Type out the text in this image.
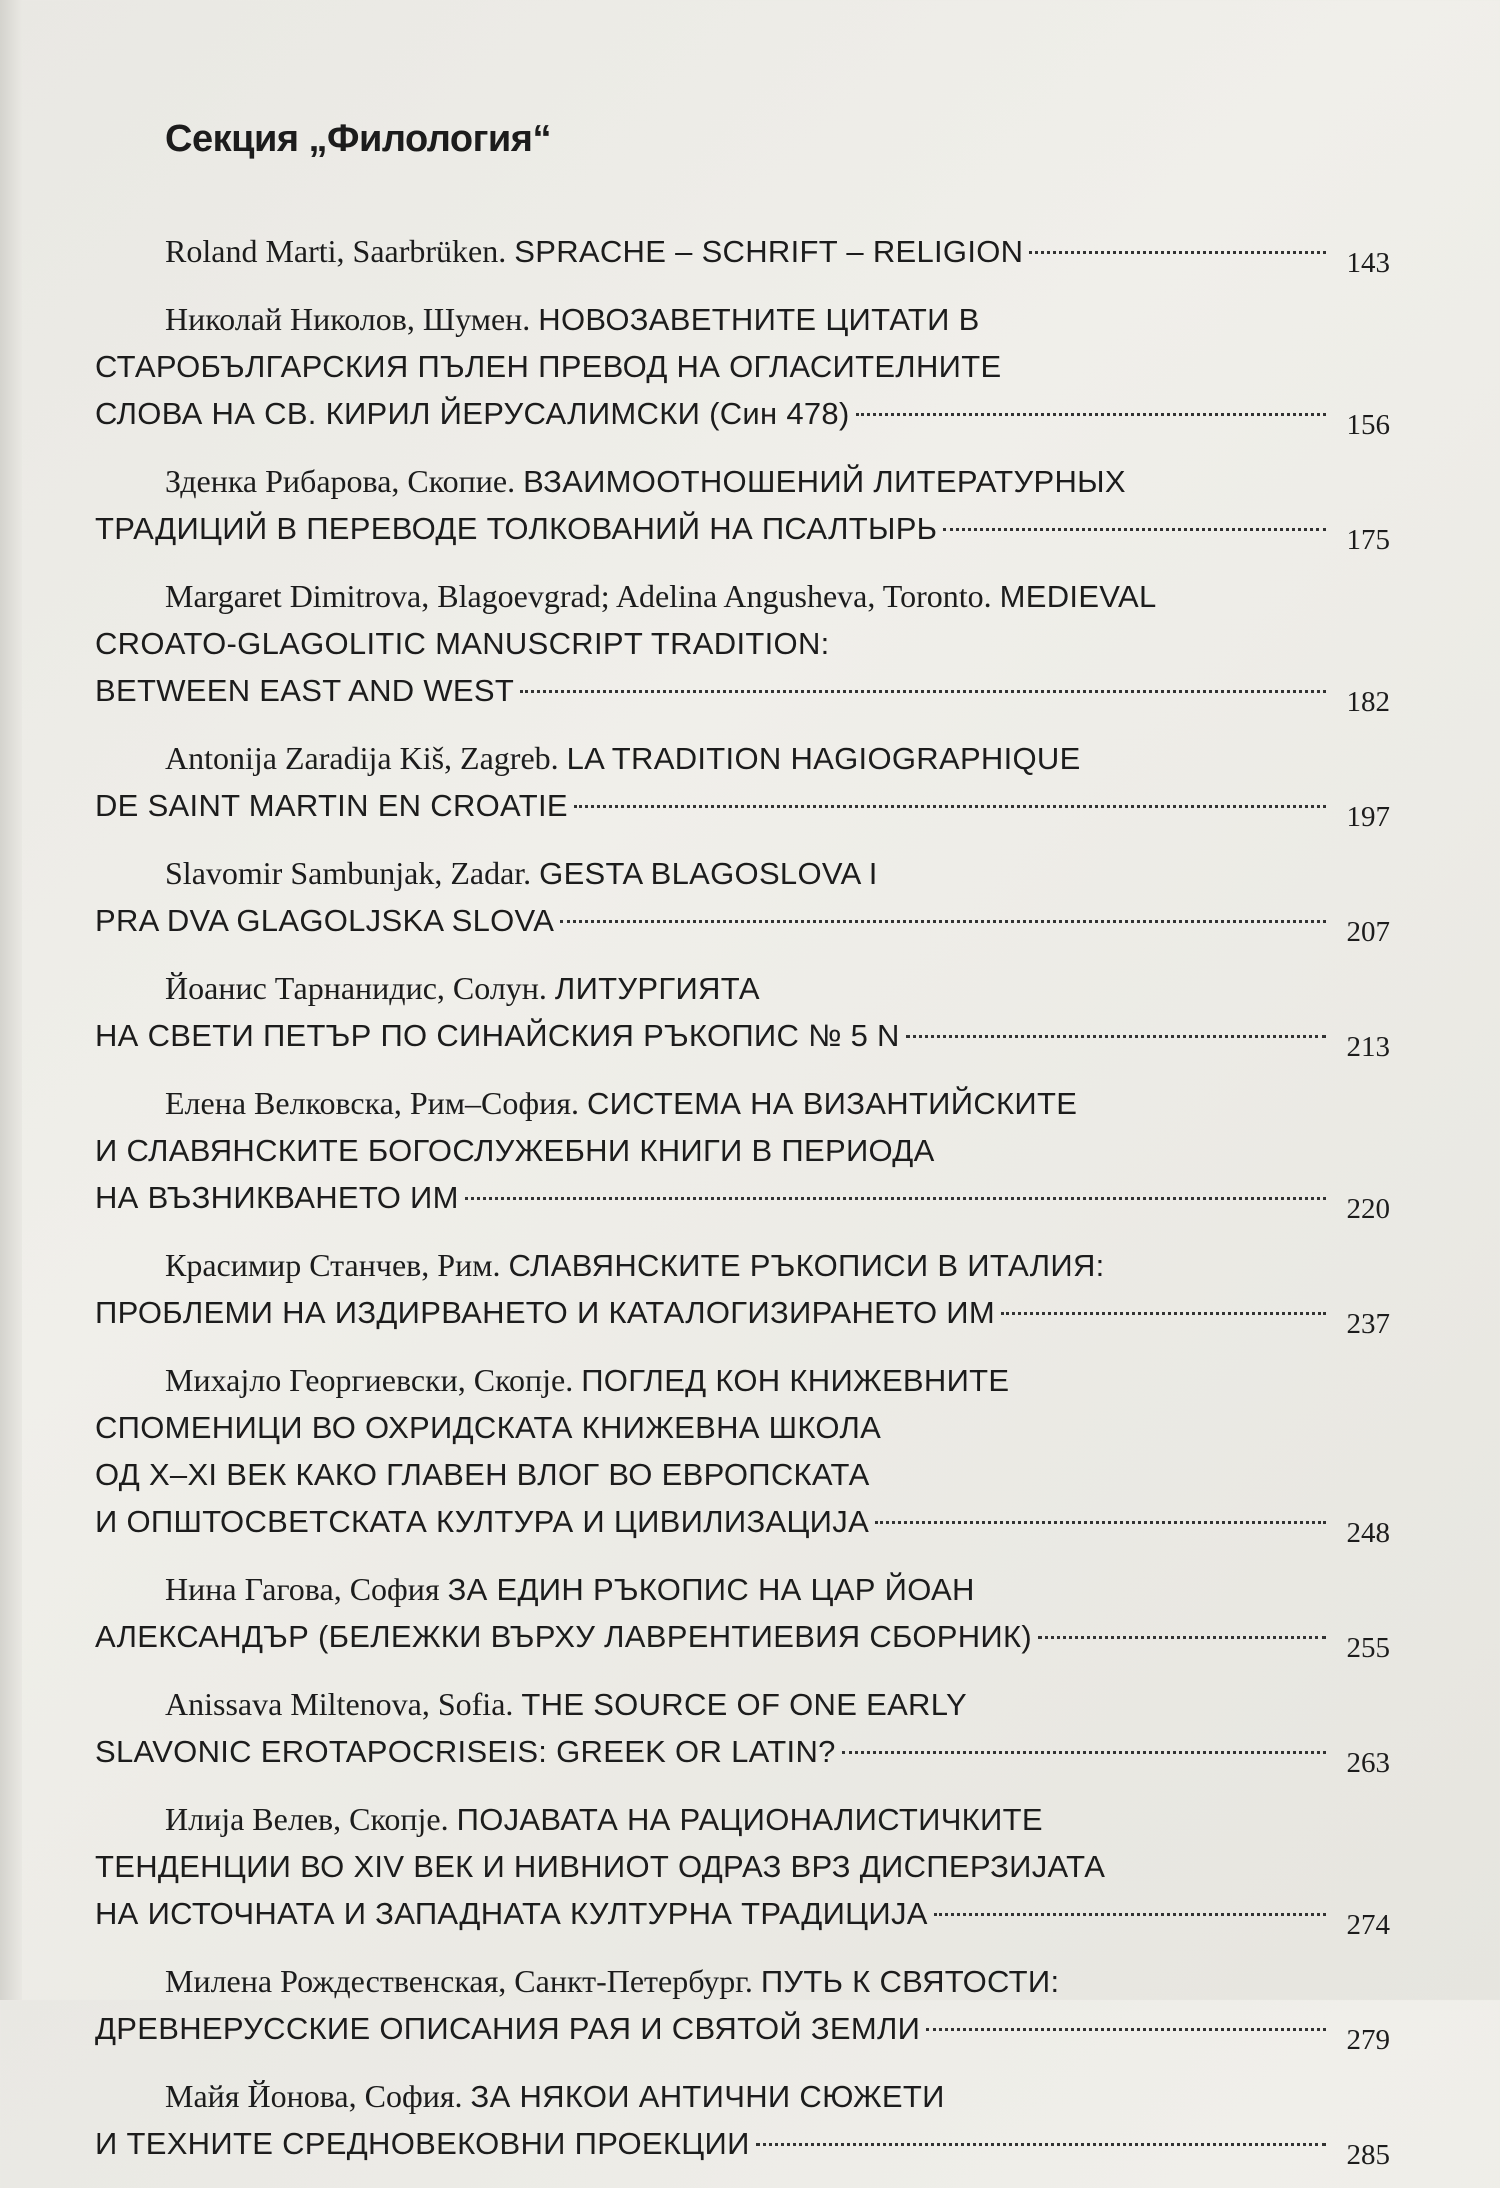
Секция „Филология“
Roland Marti, Saarbrüken. SPRACHE – SCHRIFT – RELIGION	143
Николай Николов, Шумен. НОВОЗАВЕТНИТЕ ЦИТАТИ В
СТАРОБЪЛГАРСКИЯ ПЪЛЕН ПРЕВОД НА ОГЛАСИТЕЛНИТЕ
СЛОВА НА СВ. КИРИЛ ЙЕРУСАЛИМСКИ (Син 478)	156
Зденка Рибарова, Скопие. ВЗАИМООТНОШЕНИЙ ЛИТЕРАТУРНЫХ
ТРАДИЦИЙ В ПЕРЕВОДЕ ТОЛКОВАНИЙ НА ПСАЛТЫРЬ	175
Margaret Dimitrova, Blagoevgrad; Adelina Angusheva, Toronto. MEDIEVAL
CROATO-GLAGOLITIC MANUSCRIPT TRADITION:
BETWEEN EAST AND WEST	182
Antonija Zaradija Kiš, Zagreb. LA TRADITION HAGIOGRAPHIQUE
DE SAINT MARTIN EN CROATIE	197
Slavomir Sambunjak, Zadar. GESTA BLAGOSLOVA I
PRA DVA GLAGOLJSKA SLOVA	207
Йоанис Тарнанидис, Солун. ЛИТУРГИЯТА
НА СВЕТИ ПЕТЪР ПО СИНАЙСКИЯ РЪКОПИС № 5 N	213
Елена Велковска, Рим–София. СИСТЕМА НА ВИЗАНТИЙСКИТЕ
И СЛАВЯНСКИТЕ БОГОСЛУЖЕБНИ КНИГИ В ПЕРИОДА
НА ВЪЗНИКВАНЕТО ИМ	220
Красимир Станчев, Рим. СЛАВЯНСКИТЕ РЪКОПИСИ В ИТАЛИЯ:
ПРОБЛЕМИ НА ИЗДИРВАНЕТО И КАТАЛОГИЗИРАНЕТО ИМ	237
Михајло Георгиевски, Скопје. ПОГЛЕД КОН КНИЖЕВНИТЕ
СПОМЕНИЦИ ВО ОХРИДСКАТА КНИЖЕВНА ШКОЛА
ОД X–XI ВЕК КАКО ГЛАВЕН ВЛОГ ВО ЕВРОПСКАТА
И ОПШТОСВЕТСКАТА КУЛТУРА И ЦИВИЛИЗАЦИЈА	248
Нина Гагова, София ЗА ЕДИН РЪКОПИС НА ЦАР ЙОАН
АЛЕКСАНДЪР (БЕЛЕЖКИ ВЪРХУ ЛАВРЕНТИЕВИЯ СБОРНИК)	255
Anissava Miltenova, Sofia. THE SOURCE OF ONE EARLY
SLAVONIC EROTAPOCRISEIS: GREEK OR LATIN?	263
Илија Велев, Скопје. ПОЈАВАТА НА РАЦИОНАЛИСТИЧКИТЕ
ТЕНДЕНЦИИ ВО XIV ВЕК И НИВНИОТ ОДРАЗ ВРЗ ДИСПЕРЗИЈАТА
НА ИСТОЧНАТА И ЗАПАДНАТА КУЛТУРНА ТРАДИЦИЈА	274
Милена Рождественская, Санкт-Петербург. ПУТЬ К СВЯТОСТИ:
ДРЕВНЕРУССКИЕ ОПИСАНИЯ РАЯ И СВЯТОЙ ЗЕМЛИ	279
Майя Йонова, София. ЗА НЯКОИ АНТИЧНИ СЮЖЕТИ
И ТЕХНИТЕ СРЕДНОВЕКОВНИ ПРОЕКЦИИ	285
